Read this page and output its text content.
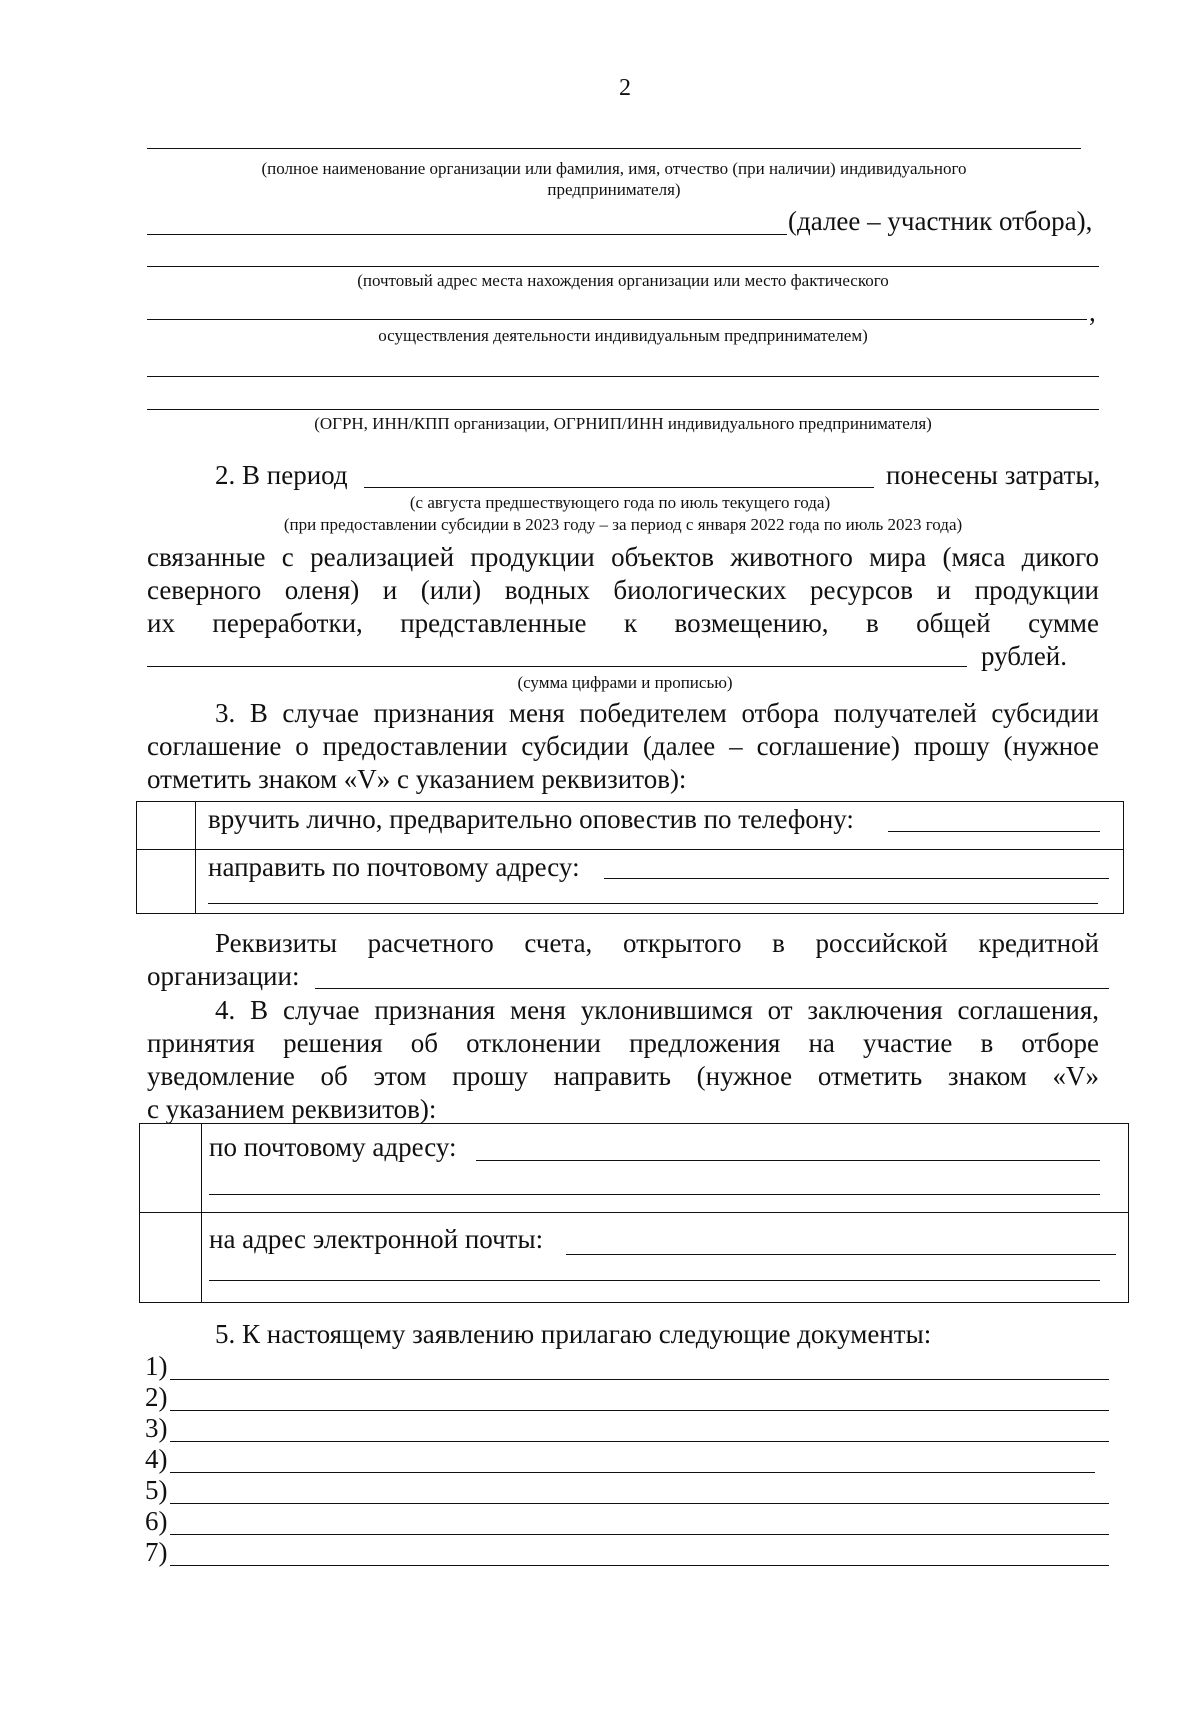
2
(полное наименование организации или фамилия, имя, отчество (при наличии) индивидуального
предпринимателя)
(далее – участник отбора),
(почтовый адрес места нахождения организации или место фактического
,
осуществления деятельности индивидуальным предпринимателем)
(ОГРН, ИНН/КПП организации, ОГРНИП/ИНН индивидуального предпринимателя)
2. В период	понесены затраты,
(с августа предшествующего года по июль текущего года)
(при предоставлении субсидии в 2023 году – за период с января 2022 года по июль 2023 года)
связанные с реализацией продукции объектов животного мира (мяса дикого
северного оленя) и (или) водных биологических ресурсов и продукции
их переработки, представленные к возмещению, в общей сумме
рублей.
(сумма цифрами и прописью)
3. В случае признания меня победителем отбора получателей субсидии
соглашение о предоставлении субсидии (далее – соглашение) прошу (нужное
отметить знаком «V» с указанием реквизитов):
вручить лично, предварительно оповестив по телефону:
направить по почтовому адресу:
Реквизиты расчетного счета, открытого в российской кредитной
организации:
4. В случае признания меня уклонившимся от заключения соглашения,
принятия решения об отклонении предложения на участие в отборе
уведомление об этом прошу направить (нужное отметить знаком «V»
с указанием реквизитов):
по почтовому адресу:
на адрес электронной почты:
5. К настоящему заявлению прилагаю следующие документы:
1)
2)
3)
4)
5)
6)
7)
